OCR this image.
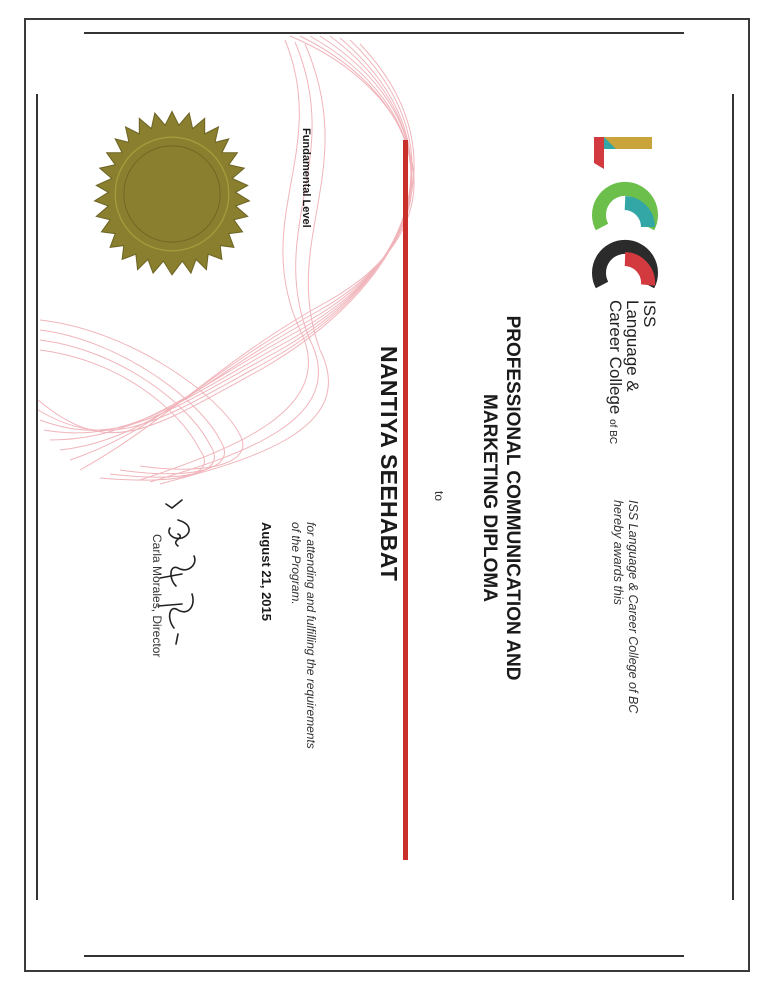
ISS
Language &
Career College of BC
ISS Language & Career College of BC
hereby awards this
PROFESSIONAL COMMUNICATION AND
MARKETING DIPLOMA
to
NANTIYA SEEHABAT
for attending and fulfilling the requirements
of the Program.
August 21, 2015
Fundamental Level
Carla Morales, Director
